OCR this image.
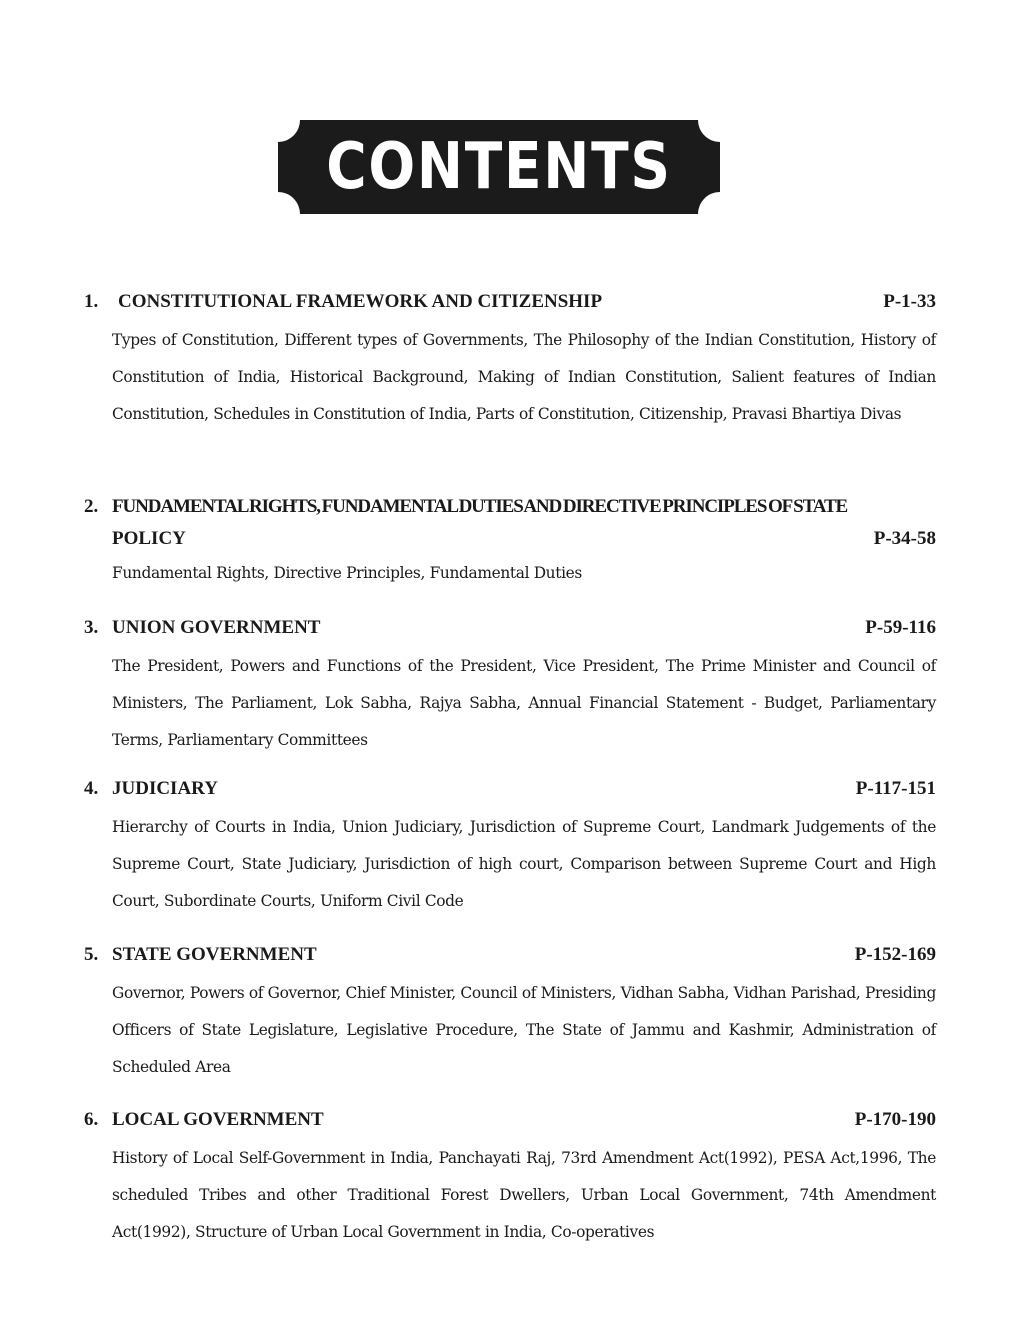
CONTENTS
1. CONSTITUTIONAL FRAMEWORK AND CITIZENSHIP	P-1-33
Types of Constitution, Different types of Governments, The Philosophy of the Indian Constitution, History of Constitution of India, Historical Background, Making of Indian Constitution, Salient features of Indian Constitution, Schedules in Constitution of India, Parts of Constitution, Citizenship, Pravasi Bhartiya Divas
2. FUNDAMENTAL RIGHTS, FUNDAMENTAL DUTIES AND DIRECTIVE PRINCIPLES OF STATE
POLICY	P-34-58
Fundamental Rights, Directive Principles, Fundamental Duties
3. UNION GOVERNMENT	P-59-116
The President, Powers and Functions of the President, Vice President, The Prime Minister and Council of Ministers, The Parliament, Lok Sabha, Rajya Sabha, Annual Financial Statement - Budget, Parliamentary Terms, Parliamentary Committees
4. JUDICIARY	P-117-151
Hierarchy of Courts in India, Union Judiciary, Jurisdiction of Supreme Court, Landmark Judgements of the Supreme Court, State Judiciary, Jurisdiction of high court, Comparison between Supreme Court and High Court, Subordinate Courts, Uniform Civil Code
5. STATE GOVERNMENT	P-152-169
Governor, Powers of Governor, Chief Minister, Council of Ministers, Vidhan Sabha, Vidhan Parishad, Presiding Officers of State Legislature, Legislative Procedure, The State of Jammu and Kashmir, Administration of Scheduled Area
6. LOCAL GOVERNMENT	P-170-190
History of Local Self-Government in India, Panchayati Raj, 73rd Amendment Act(1992), PESA Act,1996, The scheduled Tribes and other Traditional Forest Dwellers, Urban Local Government, 74th Amendment Act(1992), Structure of Urban Local Government in India, Co-operatives
